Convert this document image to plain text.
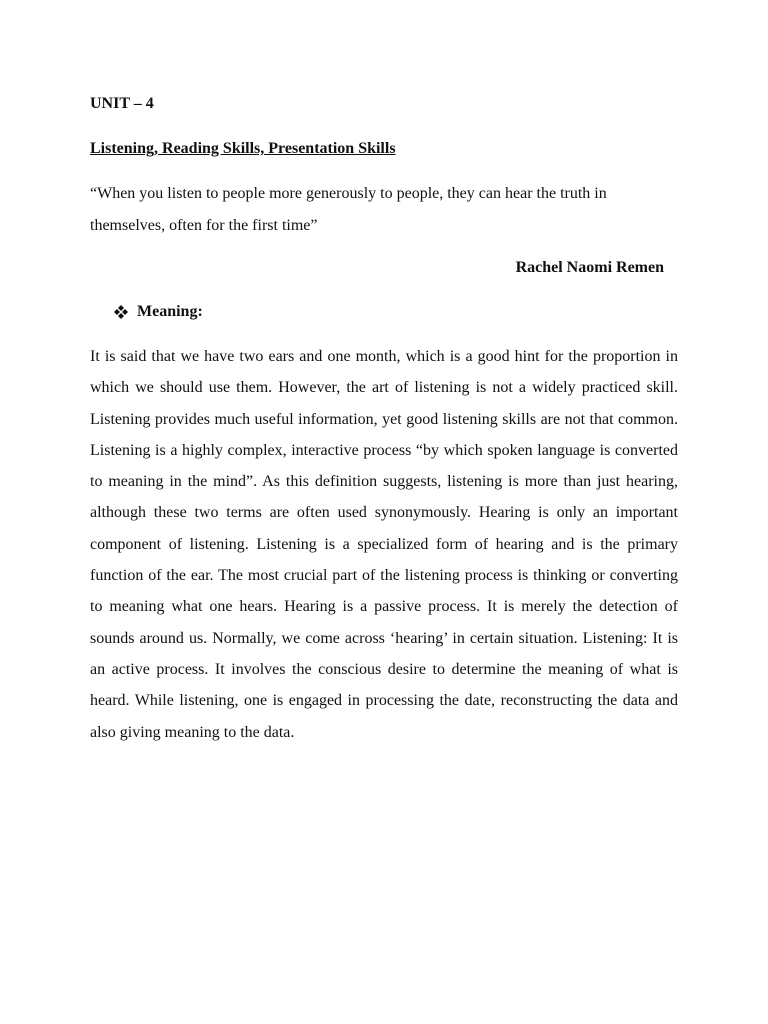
UNIT – 4

Listening, Reading Skills, Presentation Skills

“When you listen to people more generously to people, they can hear the truth in themselves, often for the first time”

Rachel Naomi Remen

Meaning:

It is said that we have two ears and one month, which is a good hint for the proportion in which we should use them. However, the art of listening is not a widely practiced skill. Listening provides much useful information, yet good listening skills are not that common. Listening is a highly complex, interactive process “by which spoken language is converted to meaning in the mind”. As this definition suggests, listening is more than just hearing, although these two terms are often used synonymously. Hearing is only an important component of listening. Listening is a specialized form of hearing and is the primary function of the ear. The most crucial part of the listening process is thinking or converting to meaning what one hears. Hearing is a passive process. It is merely the detection of sounds around us. Normally, we come across ‘hearing’ in certain situation. Listening: It is an active process. It involves the conscious desire to determine the meaning of what is heard. While listening, one is engaged in processing the date, reconstructing the data and also giving meaning to the data.
